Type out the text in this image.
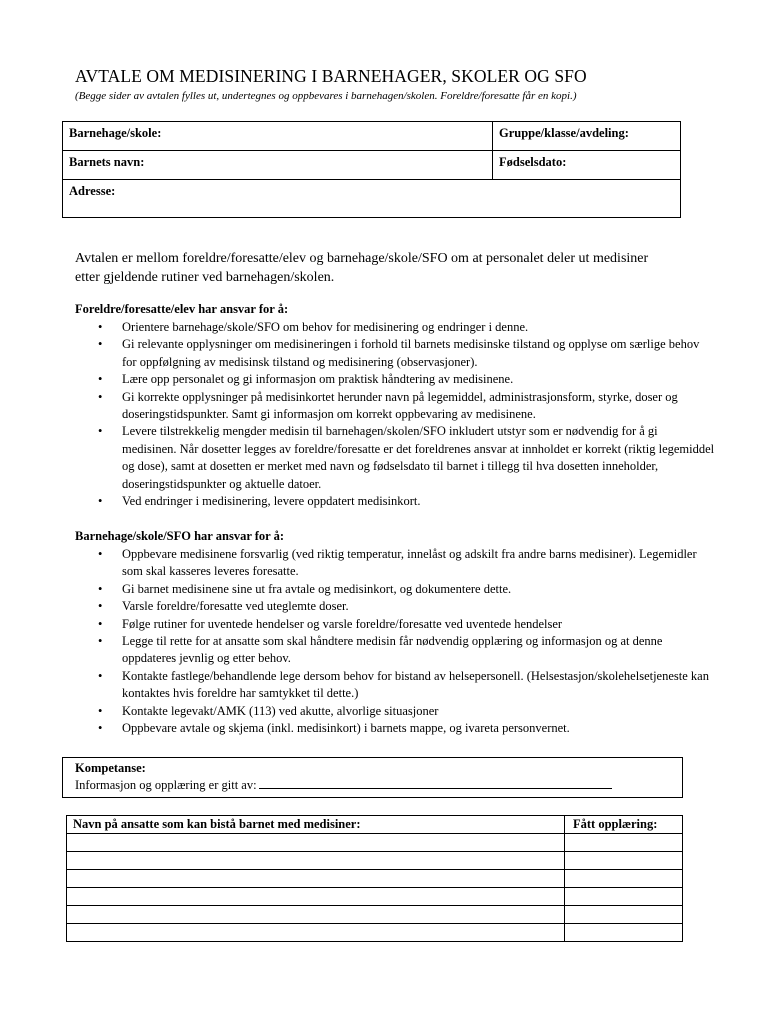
AVTALE OM MEDISINERING I BARNEHAGER, SKOLER OG SFO
(Begge sider av avtalen fylles ut, undertegnes og oppbevares i barnehagen/skolen. Foreldre/foresatte får en kopi.)
Barnehage/skole:	Gruppe/klasse/avdeling:
Barnets navn:	Fødselsdato:
Adresse:	
Avtalen er mellom foreldre/foresatte/elev og barnehage/skole/SFO om at personalet deler ut medisiner etter gjeldende rutiner ved barnehagen/skolen.
Foreldre/foresatte/elev har ansvar for å:
• Orientere barnehage/skole/SFO om behov for medisinering og endringer i denne.
• Gi relevante opplysninger om medisineringen i forhold til barnets medisinske tilstand og opplyse om særlige behov for oppfølgning av medisinsk tilstand og medisinering (observasjoner).
• Lære opp personalet og gi informasjon om praktisk håndtering av medisinene.
• Gi korrekte opplysninger på medisinkortet herunder navn på legemiddel, administrasjonsform, styrke, doser og doseringstidspunkter. Samt gi informasjon om korrekt oppbevaring av medisinene.
• Levere tilstrekkelig mengder medisin til barnehagen/skolen/SFO inkludert utstyr som er nødvendig for å gi medisinen. Når dosetter legges av foreldre/foresatte er det foreldrenes ansvar at innholdet er korrekt (riktig legemiddel og dose), samt at dosetten er merket med navn og fødselsdato til barnet i tillegg til hva dosetten inneholder, doseringstidspunkter og aktuelle datoer.
• Ved endringer i medisinering, levere oppdatert medisinkort.
Barnehage/skole/SFO har ansvar for å:
• Oppbevare medisinene forsvarlig (ved riktig temperatur, innelåst og adskilt fra andre barns medisiner). Legemidler som skal kasseres leveres foresatte.
• Gi barnet medisinene sine ut fra avtale og medisinkort, og dokumentere dette.
• Varsle foreldre/foresatte ved uteglemte doser.
• Følge rutiner for uventede hendelser og varsle foreldre/foresatte ved uventede hendelser
• Legge til rette for at ansatte som skal håndtere medisin får nødvendig opplæring og informasjon og at denne oppdateres jevnlig og etter behov.
• Kontakte fastlege/behandlende lege dersom behov for bistand av helsepersonell. (Helsestasjon/skolehelsetjeneste kan kontaktes hvis foreldre har samtykket til dette.)
• Kontakte legevakt/AMK (113) ved akutte, alvorlige situasjoner
• Oppbevare avtale og skjema (inkl. medisinkort) i barnets mappe, og ivareta personvernet.
Kompetanse:
Informasjon og opplæring er gitt av:
Navn på ansatte som kan bistå barnet med medisiner:	Fått opplæring:
